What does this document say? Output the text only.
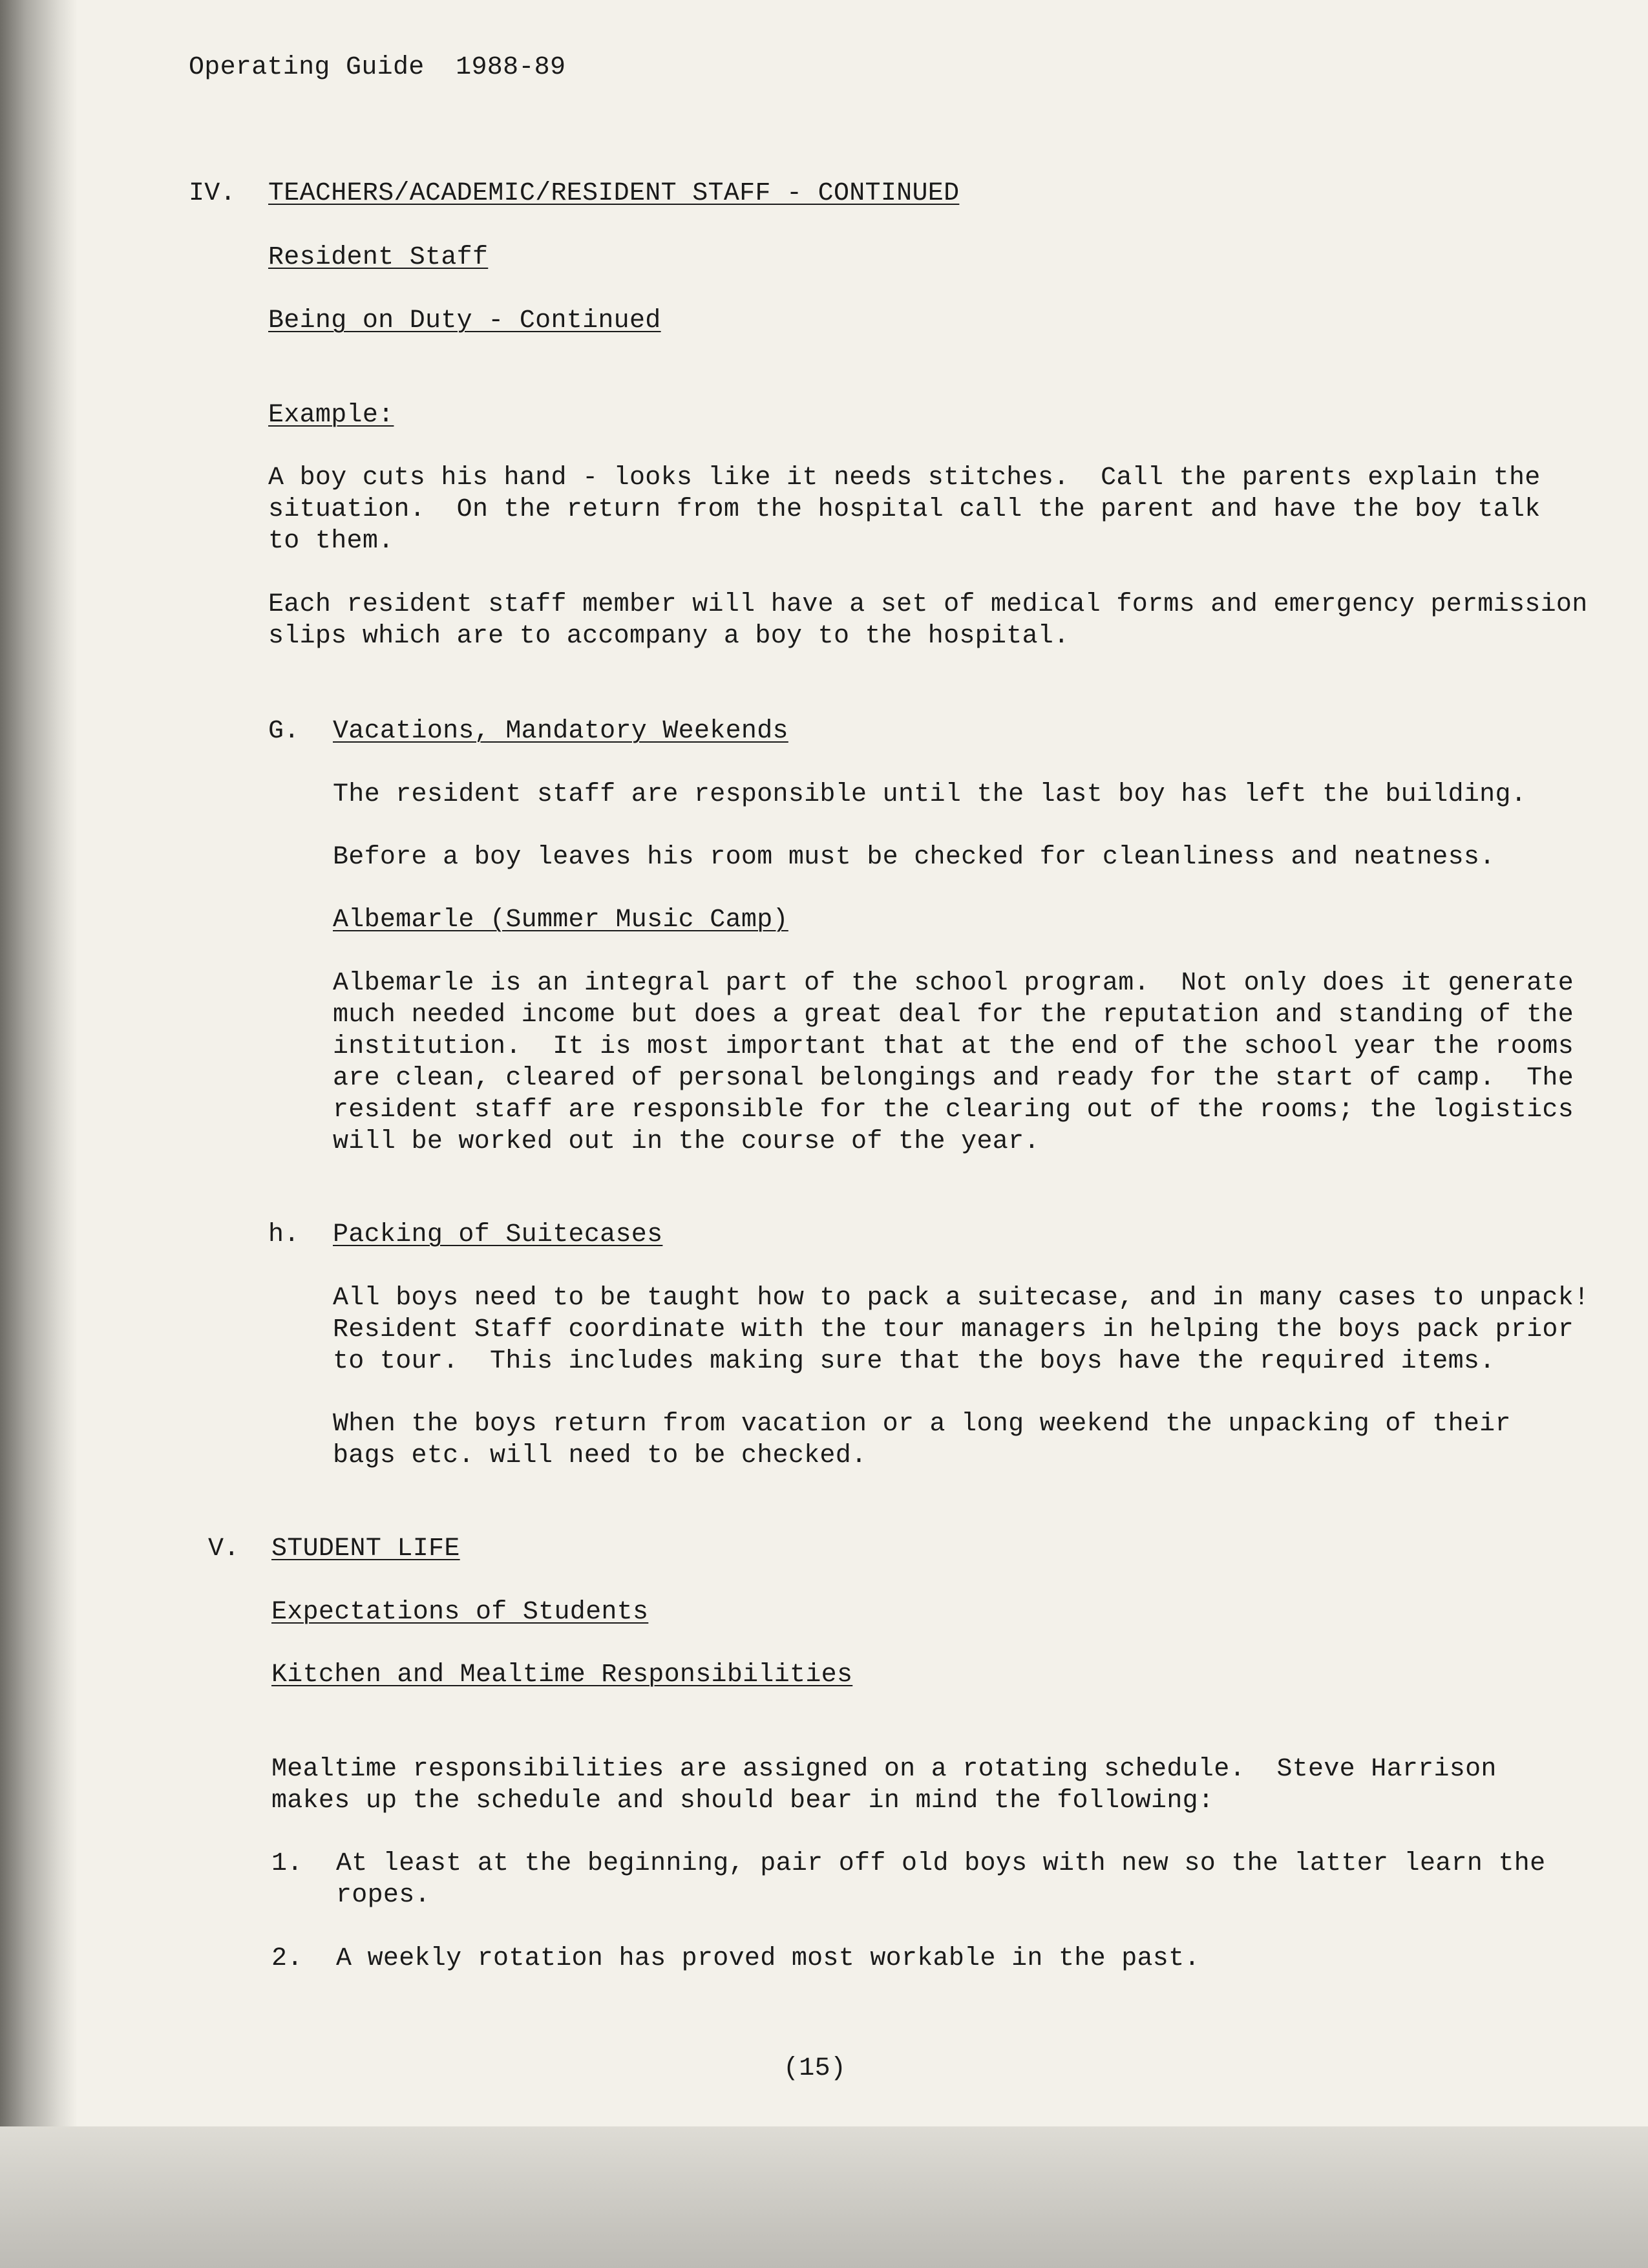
Operating Guide  1988-89
IV. TEACHERS/ACADEMIC/RESIDENT STAFF - CONTINUED
Resident Staff
Being on Duty - Continued
Example:
A boy cuts his hand - looks like it needs stitches.  Call the parents explain the
situation.  On the return from the hospital call the parent and have the boy talk
to them.
Each resident staff member will have a set of medical forms and emergency permission
slips which are to accompany a boy to the hospital.
G. Vacations, Mandatory Weekends
The resident staff are responsible until the last boy has left the building.
Before a boy leaves his room must be checked for cleanliness and neatness.
Albemarle (Summer Music Camp)
Albemarle is an integral part of the school program.  Not only does it generate
much needed income but does a great deal for the reputation and standing of the
institution.  It is most important that at the end of the school year the rooms
are clean, cleared of personal belongings and ready for the start of camp.  The
resident staff are responsible for the clearing out of the rooms; the logistics
will be worked out in the course of the year.
h. Packing of Suitecases
All boys need to be taught how to pack a suitecase, and in many cases to unpack!
Resident Staff coordinate with the tour managers in helping the boys pack prior
to tour.  This includes making sure that the boys have the required items.
When the boys return from vacation or a long weekend the unpacking of their
bags etc. will need to be checked.
V. STUDENT LIFE
Expectations of Students
Kitchen and Mealtime Responsibilities
Mealtime responsibilities are assigned on a rotating schedule.  Steve Harrison
makes up the schedule and should bear in mind the following:
1. At least at the beginning, pair off old boys with new so the latter learn the
ropes.
2. A weekly rotation has proved most workable in the past.
(15)
